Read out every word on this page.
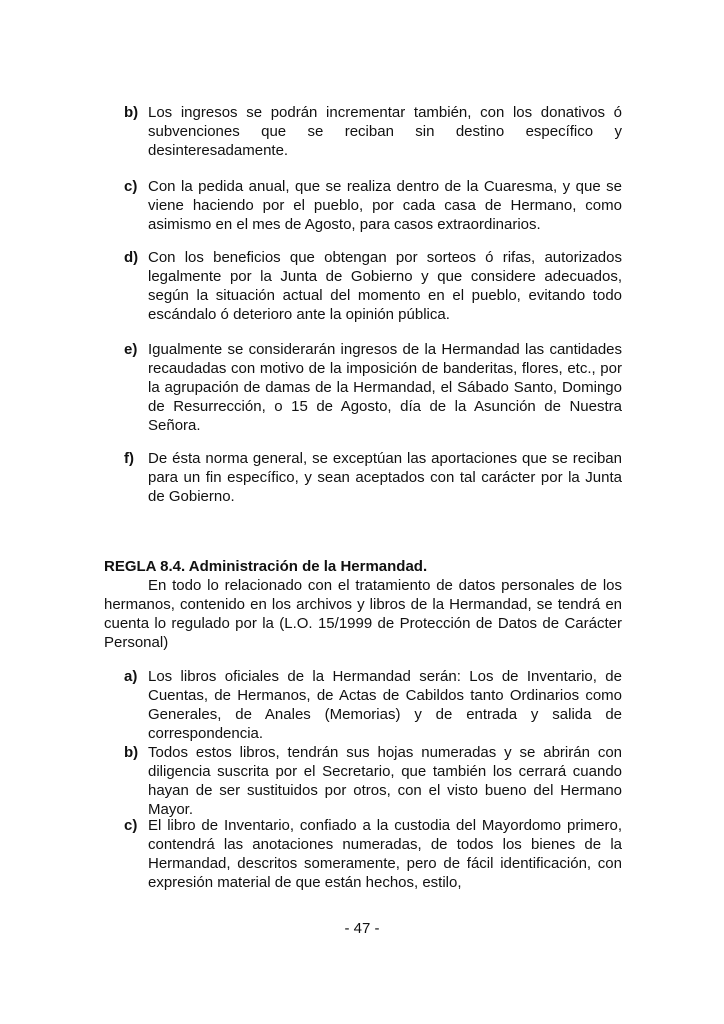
b) Los ingresos se podrán incrementar también, con los donativos ó subvenciones que se reciban sin destino específico y desinteresadamente.
c) Con la pedida anual, que se realiza dentro de la Cuaresma, y que se viene haciendo por el pueblo, por cada casa de Hermano, como asimismo en el mes de Agosto, para casos extraordinarios.
d) Con los beneficios que obtengan por sorteos ó rifas, autorizados legalmente por la Junta de Gobierno y que considere adecuados, según la situación actual del momento en el pueblo, evitando todo escándalo ó deterioro ante la opinión pública.
e) Igualmente se considerarán ingresos de la Hermandad las cantidades recaudadas con motivo de la imposición de banderitas, flores, etc., por la agrupación de damas de la Hermandad, el Sábado Santo, Domingo de Resurrección, o 15 de Agosto, día de la Asunción de Nuestra Señora.
f) De ésta norma general, se exceptúan las aportaciones que se reciban para un fin específico, y sean aceptados con tal carácter por la Junta de Gobierno.
REGLA 8.4. Administración de la Hermandad.
En todo lo relacionado con el tratamiento de datos personales de los hermanos, contenido en los archivos y libros de la Hermandad, se tendrá en cuenta lo regulado por la (L.O. 15/1999 de Protección de Datos de Carácter Personal)
a) Los libros oficiales de la Hermandad serán: Los de Inventario, de Cuentas, de Hermanos, de Actas de Cabildos tanto Ordinarios como Generales, de Anales (Memorias) y de entrada y salida de correspondencia.
b) Todos estos libros, tendrán sus hojas numeradas y se abrirán con diligencia suscrita por el Secretario, que también los cerrará cuando hayan de ser sustituidos por otros, con el visto bueno del Hermano Mayor.
c) El libro de Inventario, confiado a la custodia del Mayordomo primero, contendrá las anotaciones numeradas, de todos los bienes de la Hermandad, descritos someramente, pero de fácil identificación, con expresión material de que están hechos, estilo,
- 47 -
